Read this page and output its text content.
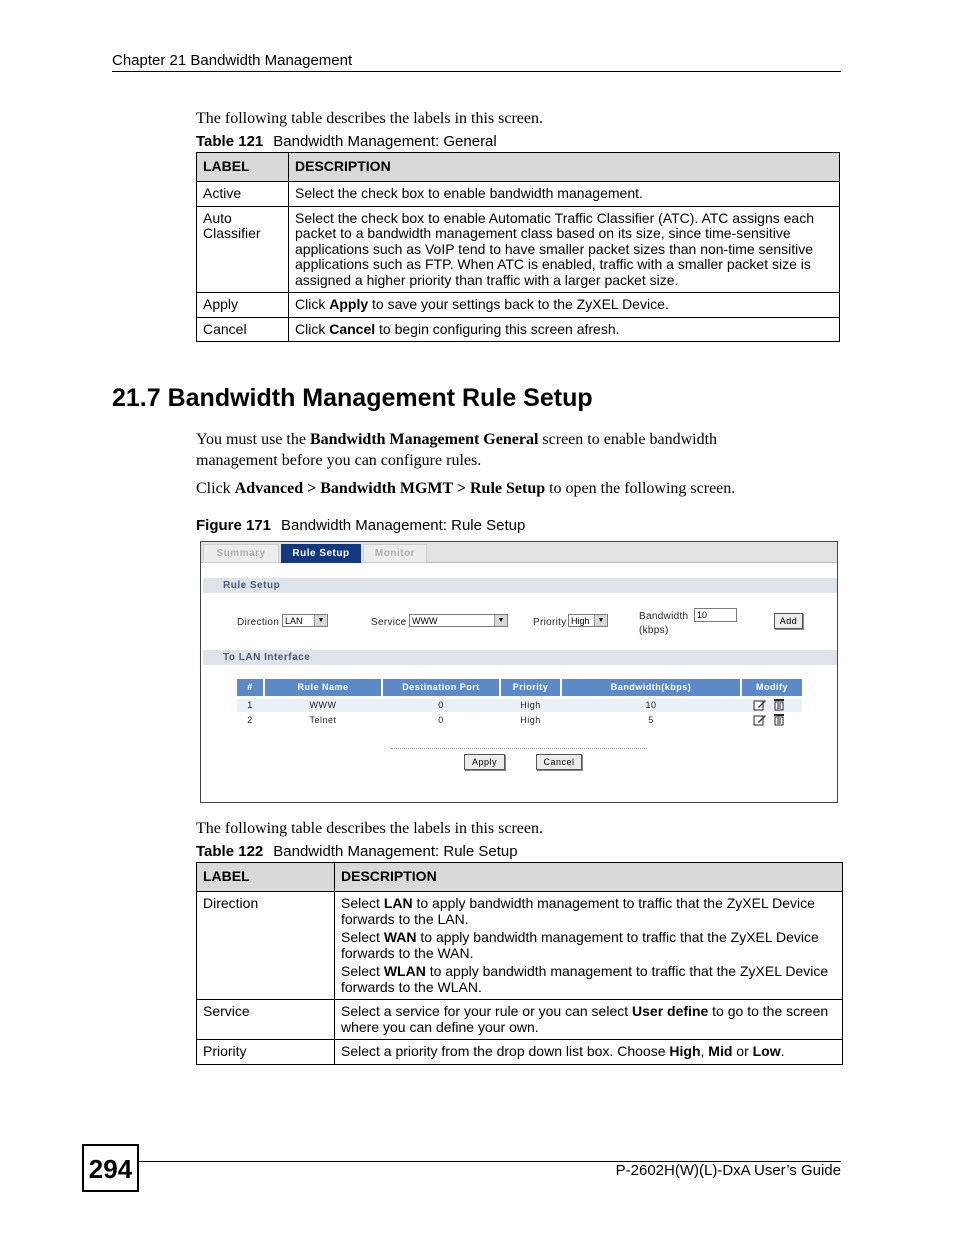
Chapter 21 Bandwidth Management
The following table describes the labels in this screen.
Table 121 Bandwidth Management: General
LABEL	DESCRIPTION
Active	Select the check box to enable bandwidth management.
Auto Classifier	Select the check box to enable Automatic Traffic Classifier (ATC). ATC assigns each packet to a bandwidth management class based on its size, since time-sensitive applications such as VoIP tend to have smaller packet sizes than non-time sensitive applications such as FTP. When ATC is enabled, traffic with a smaller packet size is assigned a higher priority than traffic with a larger packet size.
Apply	Click Apply to save your settings back to the ZyXEL Device.
Cancel	Click Cancel to begin configuring this screen afresh.
21.7 Bandwidth Management Rule Setup
You must use the Bandwidth Management General screen to enable bandwidth management before you can configure rules.
Click Advanced > Bandwidth MGMT > Rule Setup to open the following screen.
Figure 171 Bandwidth Management: Rule Setup
Summary	Rule Setup	Monitor
Rule Setup
Direction LAN	▼	Service WWW	▼	Priority High	▼	Bandwidth
(kbps)
10
Add
To LAN Interface
#	Rule Name	Destination Port	Priority	Bandwidth(kbps)	Modify
1	WWW	0	High	10
2	Telnet	0	High	5
Apply	Cancel
The following table describes the labels in this screen.
Table 122 Bandwidth Management: Rule Setup
LABEL	DESCRIPTION
Direction	Select LAN to apply bandwidth management to traffic that the ZyXEL Device forwards to the LAN.

Select WAN to apply bandwidth management to traffic that the ZyXEL Device forwards to the WAN.

Select WLAN to apply bandwidth management to traffic that the ZyXEL Device forwards to the WLAN.

Service	Select a service for your rule or you can select User define to go to the screen where you can define your own.
Priority	Select a priority from the drop down list box. Choose High, Mid or Low.
294	P-2602H(W)(L)-DxA User’s Guide
